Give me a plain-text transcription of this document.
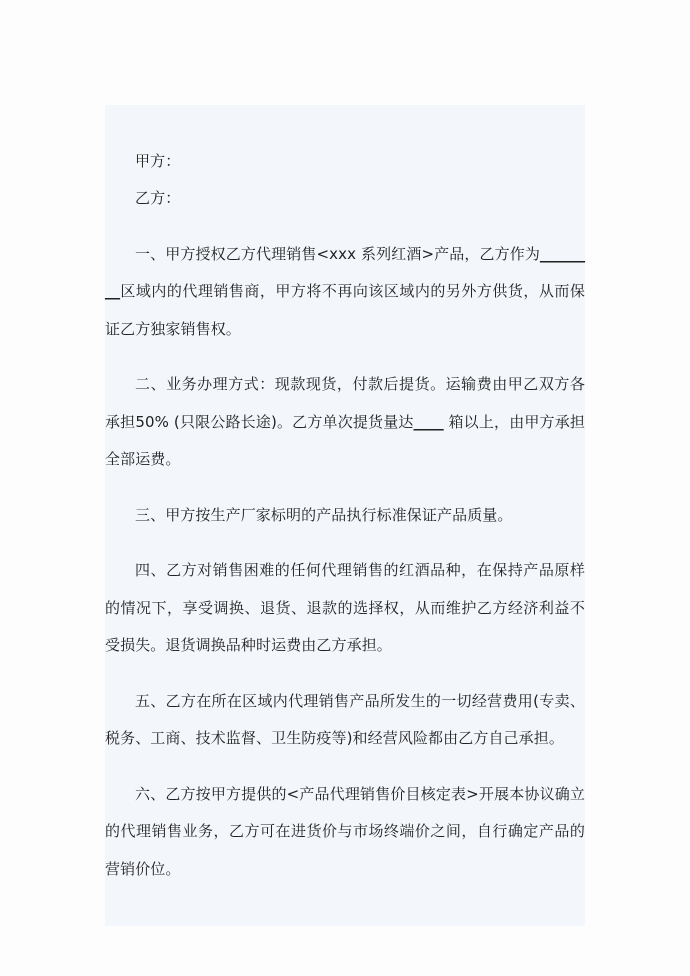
甲方：

乙方：

一、甲方授权乙方代理销售<xxx 系列红酒>产品，乙方作为________区域内的代理销售商，甲方将不再向该区域内的另外方供货，从而保证乙方独家销售权。

二、业务办理方式：现款现货，付款后提货。运输费由甲乙双方各承担50% (只限公路长途)。乙方单次提货量达____ 箱以上，由甲方承担全部运费。

三、甲方按生产厂家标明的产品执行标准保证产品质量。

四、乙方对销售困难的任何代理销售的红酒品种，在保持产品原样的情况下，享受调换、退货、退款的选择权，从而维护乙方经济利益不受损失。退货调换品种时运费由乙方承担。

五、乙方在所在区域内代理销售产品所发生的一切经营费用(专卖、税务、工商、技术监督、卫生防疫等)和经营风险都由乙方自己承担。

六、乙方按甲方提供的<产品代理销售价目核定表>开展本协议确立的代理销售业务，乙方可在进货价与市场终端价之间，自行确定产品的营销价位。
